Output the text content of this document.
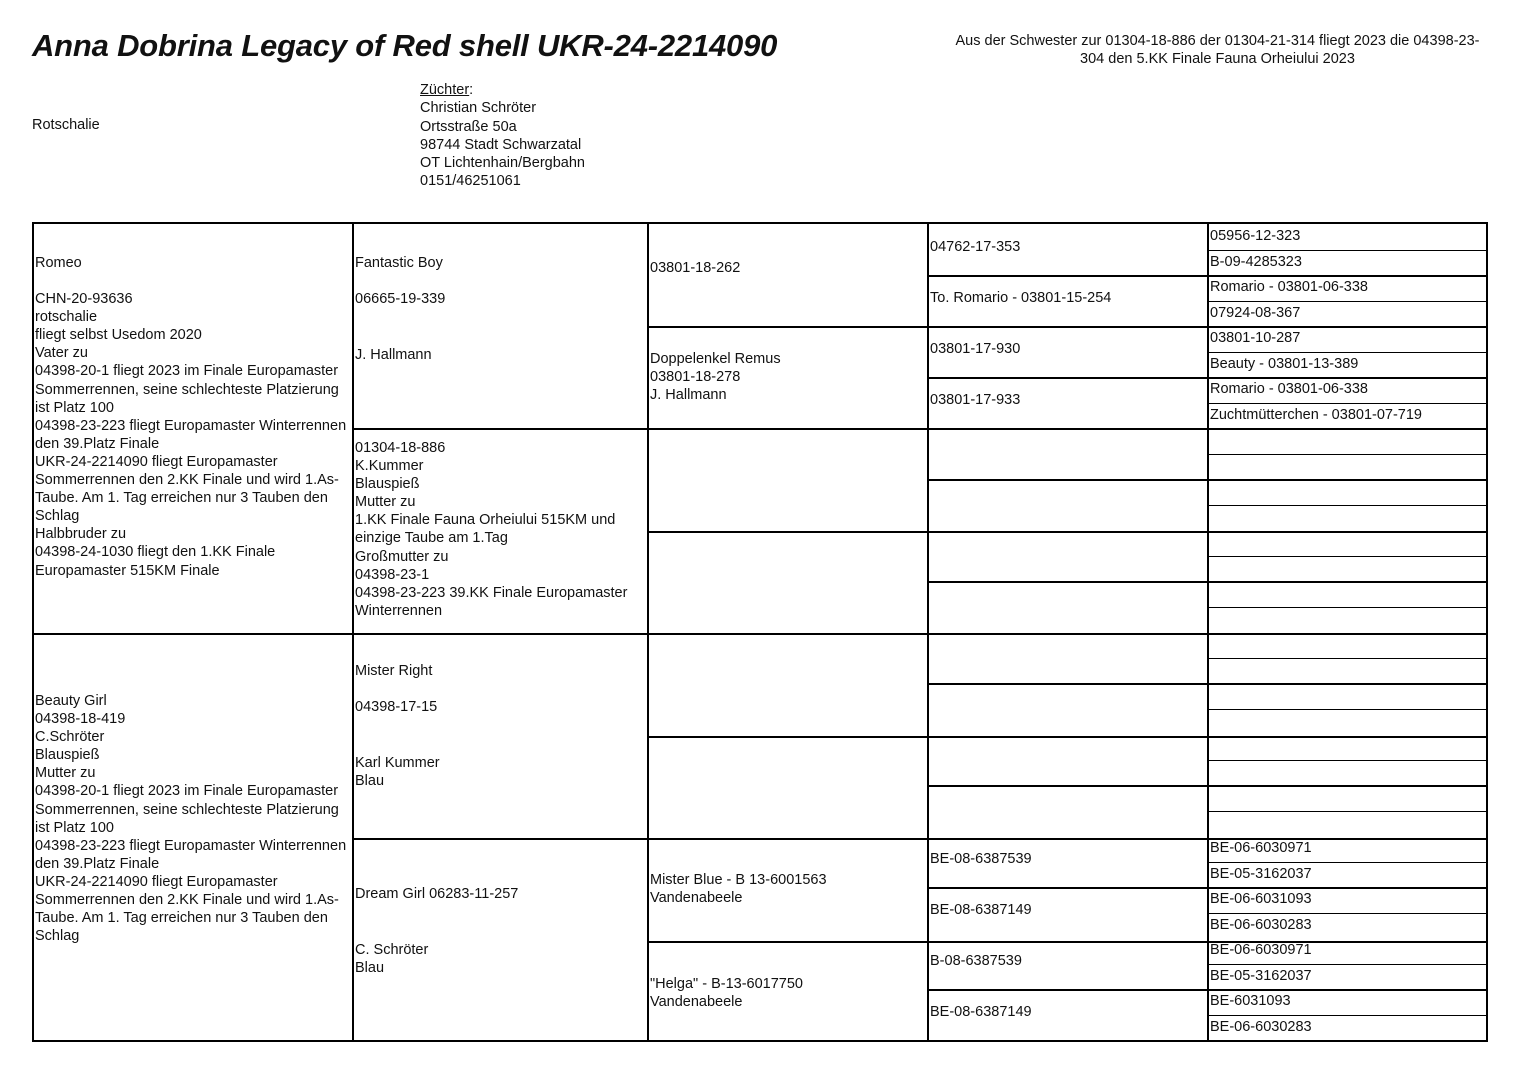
Anna Dobrina Legacy of Red shell UKR-24-2214090	Aus der Schwester zur 01304-18-886 der 01304-21-314 fliegt 2023 die 04398-23-304 den 5.KK Finale Fauna Orheiului 2023
Rotschalie
Züchter:
Christian Schröter
Ortsstraße 50a
98744 Stadt Schwarzatal
OT Lichtenhain/Bergbahn
0151/46251061
Romeo
CHN-20-93636
rotschalie
fliegt selbst Usedom 2020
Vater zu
04398-20-1 fliegt 2023 im Finale Europamaster Sommerrennen, seine schlechteste Platzierung ist Platz 100
04398-23-223 fliegt Europamaster Winterrennen den 39.Platz Finale
UKR-24-2214090 fliegt Europamaster Sommerrennen den 2.KK Finale und wird 1.As-Taube. Am 1. Tag erreichen nur 3 Tauben den Schlag
Halbbruder zu
04398-24-1030 fliegt den 1.KK Finale Europamaster 515KM Finale
Beauty Girl
04398-18-419
C.Schröter
Blauspieß
Mutter zu
04398-20-1 fliegt 2023 im Finale Europamaster Sommerrennen, seine schlechteste Platzierung ist Platz 100
04398-23-223 fliegt Europamaster Winterrennen den 39.Platz Finale
UKR-24-2214090 fliegt Europamaster Sommerrennen den 2.KK Finale und wird 1.As-Taube. Am 1. Tag erreichen nur 3 Tauben den Schlag
Fantastic Boy
06665-19-339
J. Hallmann
01304-18-886
K.Kummer
Blauspieß
Mutter zu
1.KK Finale Fauna Orheiului 515KM und einzige Taube am 1.Tag
Großmutter zu
04398-23-1
04398-23-223 39.KK Finale Europamaster Winterrennen
Mister Right
04398-17-15
Karl Kummer
Blau
Dream Girl 06283-11-257
C. Schröter
Blau
03801-18-262
Doppelenkel Remus
03801-18-278
J. Hallmann
Mister Blue - B 13-6001563
Vandenabeele
"Helga" - B-13-6017750
Vandenabeele
04762-17-353
To. Romario - 03801-15-254
03801-17-930
03801-17-933
BE-08-6387539
BE-08-6387149
B-08-6387539
BE-08-6387149
05956-12-323
B-09-4285323
Romario - 03801-06-338
07924-08-367
03801-10-287
Beauty - 03801-13-389
Romario - 03801-06-338
Zuchtmütterchen - 03801-07-719
BE-06-6030971
BE-05-3162037
BE-06-6031093
BE-06-6030283
BE-06-6030971
BE-05-3162037
BE-6031093
BE-06-6030283
